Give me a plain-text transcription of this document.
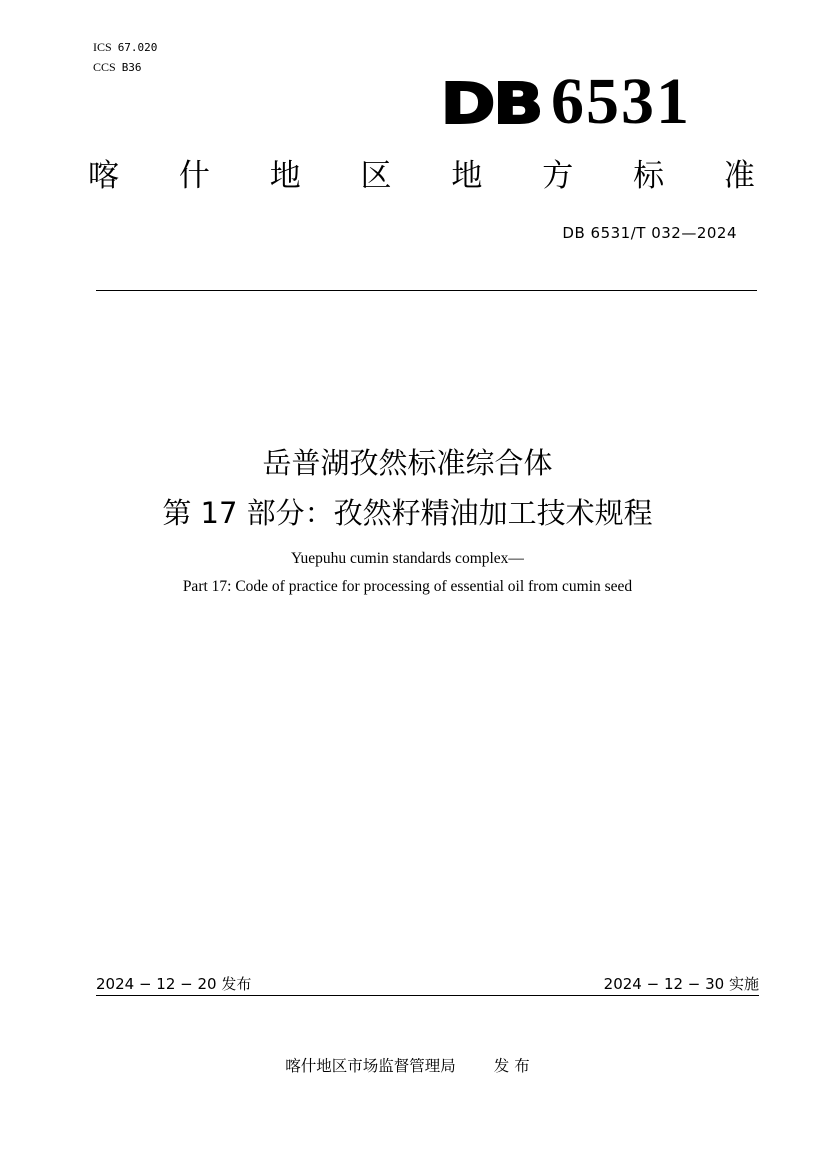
ICS 67.020
CCS B36
DB 6531
喀 什 地 区 地 方 标 准
DB 6531/T 032—2024
岳普湖孜然标准综合体
第 17 部分：孜然籽精油加工技术规程
Yuepuhu cumin standards complex—
Part 17: Code of practice for processing of essential oil from cumin seed
2024 − 12 − 20 发布	2024 − 12 − 30 实施
喀什地区市场监督管理局 发 布
